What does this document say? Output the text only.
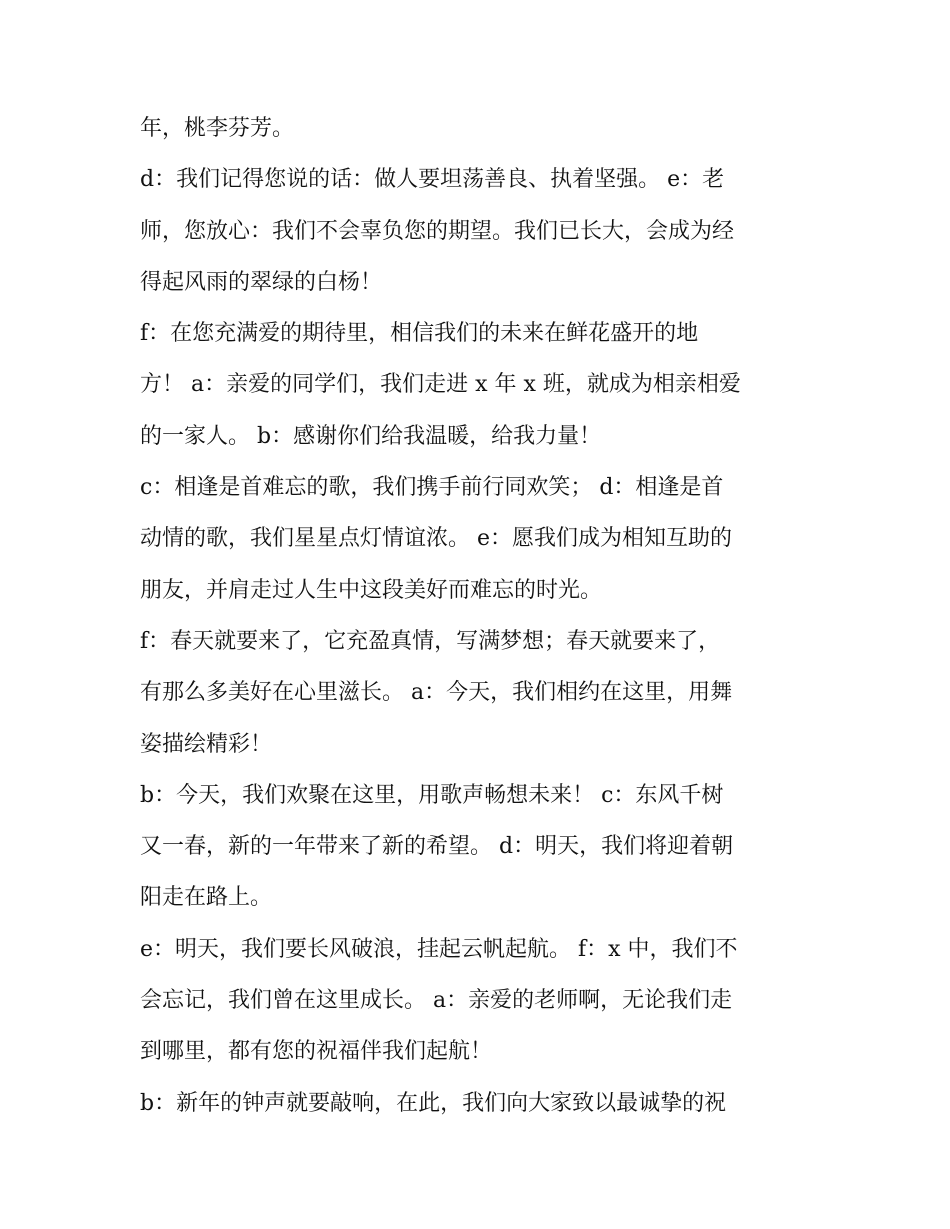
年，桃李芬芳。
d：我们记得您说的话：做人要坦荡善良、执着坚强。 e：老
师，您放心：我们不会辜负您的期望。我们已长大，会成为经
得起风雨的翠绿的白杨！
f：在您充满爱的期待里，相信我们的未来在鲜花盛开的地
方！ a：亲爱的同学们，我们走进 x 年 x 班，就成为相亲相爱
的一家人。 b：感谢你们给我温暖，给我力量！
c：相逢是首难忘的歌，我们携手前行同欢笑； d：相逢是首
动情的歌，我们星星点灯情谊浓。 e：愿我们成为相知互助的
朋友，并肩走过人生中这段美好而难忘的时光。
f：春天就要来了，它充盈真情，写满梦想；春天就要来了，
有那么多美好在心里滋长。 a：今天，我们相约在这里，用舞
姿描绘精彩！
b：今天，我们欢聚在这里，用歌声畅想未来！ c：东风千树
又一春，新的一年带来了新的希望。 d：明天，我们将迎着朝
阳走在路上。
e：明天，我们要长风破浪，挂起云帆起航。 f：x 中，我们不
会忘记，我们曾在这里成长。 a：亲爱的老师啊，无论我们走
到哪里，都有您的祝福伴我们起航！
b：新年的钟声就要敲响，在此，我们向大家致以最诚挚的祝
